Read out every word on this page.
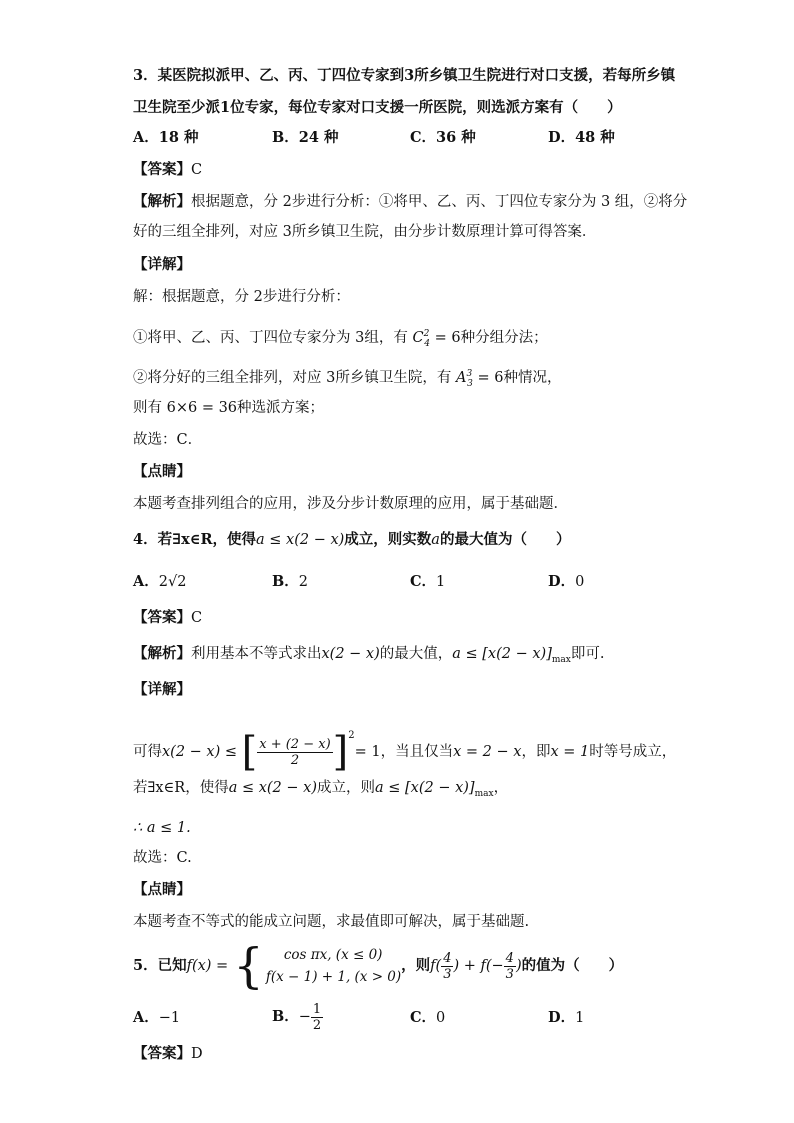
3．某医院拟派甲、乙、丙、丁四位专家到3所乡镇卫生院进行对口支援，若每所乡镇
卫生院至少派1位专家，每位专家对口支援一所医院，则选派方案有（　　）
A．18 种	B．24 种	C．36 种	D．48 种
【答案】C
【解析】根据题意，分 2步进行分析：①将甲、乙、丙、丁四位专家分为 3 组，②将分
好的三组全排列，对应 3所乡镇卫生院，由分步计数原理计算可得答案．
【详解】
解：根据题意，分 2步进行分析：
①将甲、乙、丙、丁四位专家分为 3组，有 $C^2_4 = 6$种分组分法；
②将分好的三组全排列，对应 3所乡镇卫生院，有 $A^3_3 = 6$种情况，
则有 6×6 = 36种选派方案；
故选：C．
【点睛】
本题考查排列组合的应用，涉及分步计数原理的应用，属于基础题．
4．若∃x∈R，使得a ≤ x(2 − x)成立，则实数a的最大值为（　　）
A．2√2	B．2	C．1	D．0
【答案】C
【解析】利用基本不等式求出x(2 − x)的最大值，$a \le [x(2 - x)]_{max}$即可.
【详解】
可得x(2 − x) ≤ [ $\frac{x + (2 - x)}{2} ]^2= 1$，当且仅当x = 2 − x，即x = 1时等号成立，
若∃x∈R，使得a ≤ x(2 − x)成立，则$a \le [x(2 - x)]_{max}$，
∴ a ≤ 1.
故选：C.
【点睛】
本题考查不等式的能成立问题，求最值即可解决，属于基础题.
5．已知f(x) = {	cos πx, (x ≤ 0)
f(x − 1) + 1, (x > 0)
，则$f( \frac{4}{3}$ ) + $f(- \frac{4}{3}$ )的值为（　　）
A．−1	B．− $\frac{1}{2}$	C．0	D．1
【答案】D
